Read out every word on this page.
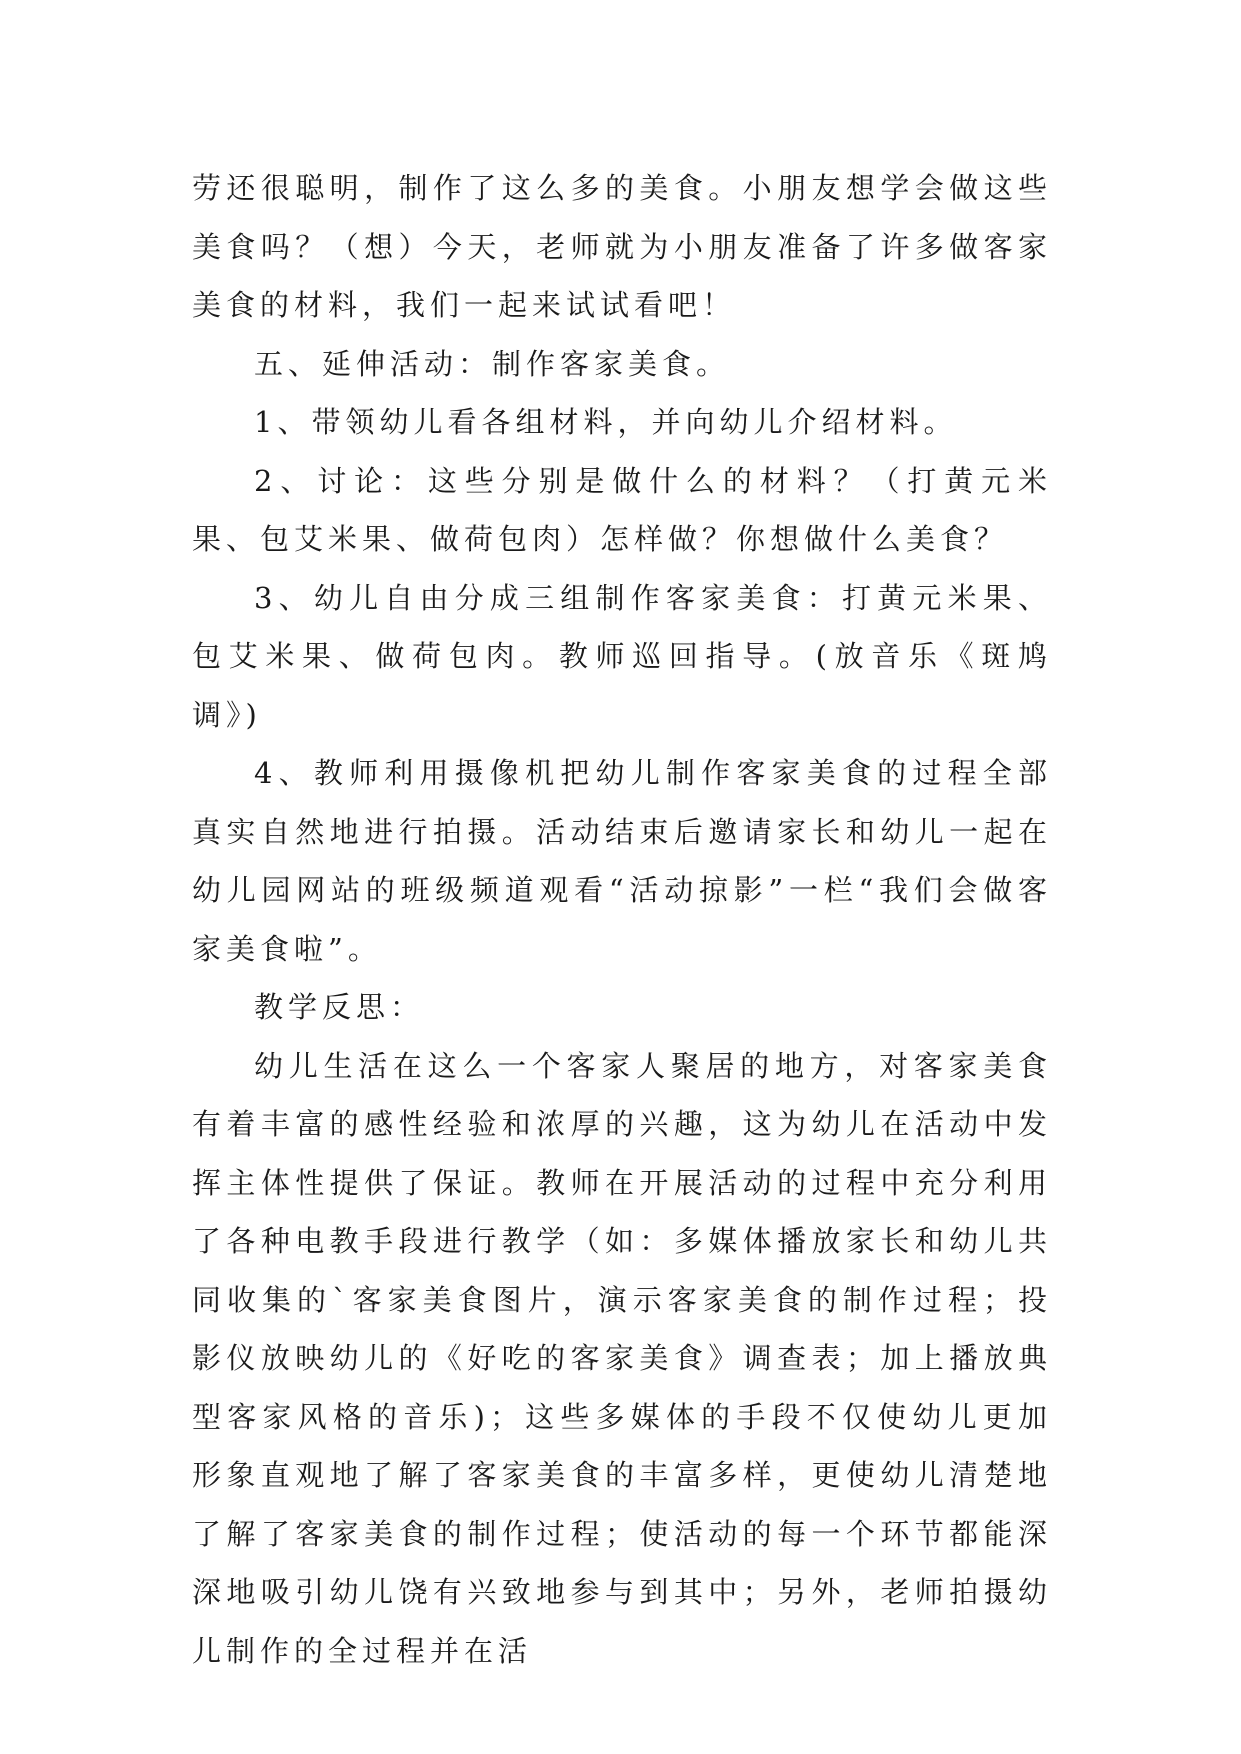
劳还很聪明，制作了这么多的美食。小朋友想学会做这些美食吗？（想）今天，老师就为小朋友准备了许多做客家美食的材料，我们一起来试试看吧！

五、延伸活动：制作客家美食。

1、带领幼儿看各组材料，并向幼儿介绍材料。

2、讨论：这些分别是做什么的材料？（打黄元米果、包艾米果、做荷包肉）怎样做？你想做什么美食？

3、幼儿自由分成三组制作客家美食：打黄元米果、包艾米果、做荷包肉。教师巡回指导。(放音乐《斑鸠调》)

4、教师利用摄像机把幼儿制作客家美食的过程全部真实自然地进行拍摄。活动结束后邀请家长和幼儿一起在幼儿园网站的班级频道观看“活动掠影”一栏“我们会做客家美食啦”。

教学反思：

幼儿生活在这么一个客家人聚居的地方，对客家美食有着丰富的感性经验和浓厚的兴趣，这为幼儿在活动中发挥主体性提供了保证。教师在开展活动的过程中充分利用了各种电教手段进行教学（如：多媒体播放家长和幼儿共同收集的`客家美食图片，演示客家美食的制作过程；投影仪放映幼儿的《好吃的客家美食》调查表；加上播放典型客家风格的音乐)；这些多媒体的手段不仅使幼儿更加形象直观地了解了客家美食的丰富多样，更使幼儿清楚地了解了客家美食的制作过程；使活动的每一个环节都能深深地吸引幼儿饶有兴致地参与到其中；另外，老师拍摄幼儿制作的全过程并在活
